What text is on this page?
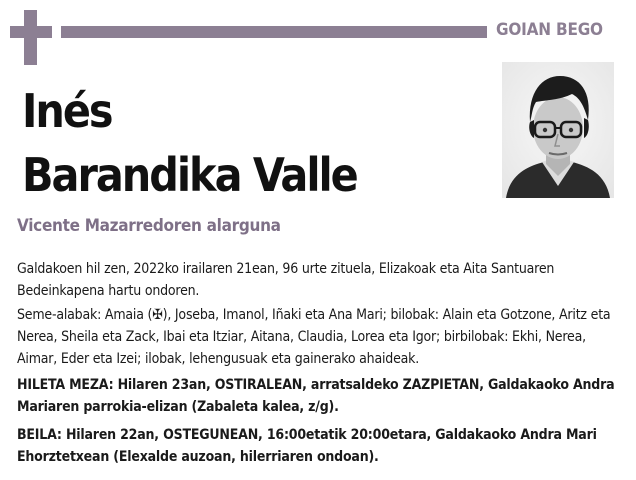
GOIAN BEGO
Inés
Barandika Valle
Vicente Mazarredoren alarguna

Galdakoen hil zen, 2022ko irailaren 21ean, 96 urte zituela, Elizakoak eta Aita Santuaren Bedeinkapena hartu ondoren.

Seme-alabak: Amaia (✠), Joseba, Imanol, Iñaki eta Ana Mari; bilobak: Alain eta Gotzone, Aritz eta Nerea, Sheila eta Zack, Ibai eta Itziar, Aitana, Claudia, Lorea eta Igor; birbilobak: Ekhi, Nerea, Aimar, Eder eta Izei; ilobak, lehengusuak eta gainerako ahaideak.

HILETA MEZA: Hilaren 23an, OSTIRALEAN, arratsaldeko ZAZPIETAN, Galdakaoko Andra Mariaren parrokia-elizan (Zabaleta kalea, z/g).

BEILA: Hilaren 22an, OSTEGUNEAN, 16:00etatik 20:00etara, Galdakaoko Andra Mari Ehorztetxean (Elexalde auzoan, hilerriaren ondoan).
